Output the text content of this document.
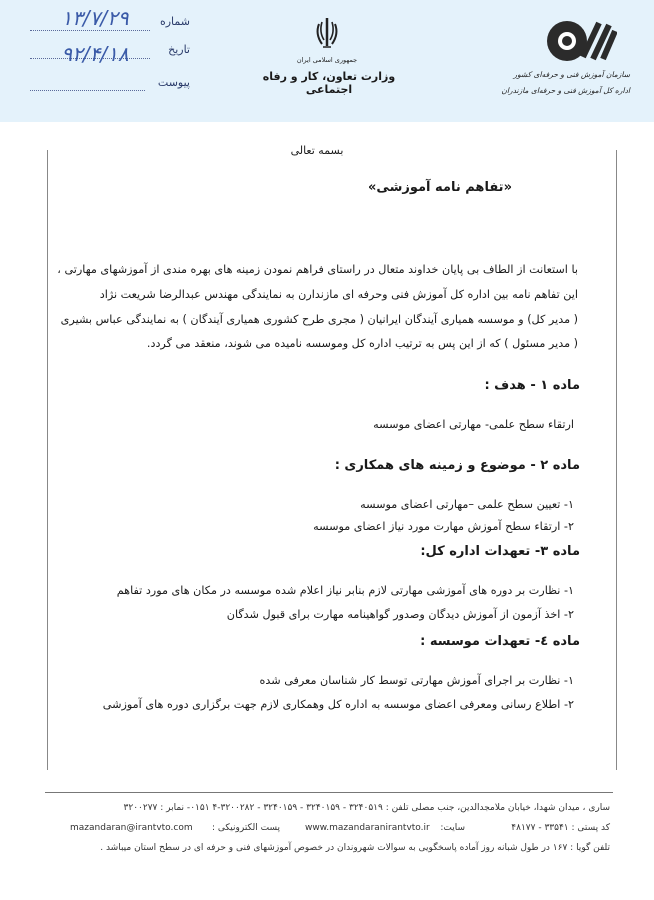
شماره
۱۳/۷/۲۹
تاریخ
۹۲/۴/۱۸
پیوست
جمهوری اسلامی ایران
وزارت تعاون، کار و رفاه اجتماعی
سازمان آموزش فنی و حرفه‌ای کشور
اداره کل آموزش فنی و حرفه‌ای مازندران
بسمه تعالی
«تفاهم نامه آموزشی»
با استعانت از الطاف بی پایان خداوند متعال در راستای فراهم نمودن زمینه های بهره مندی از آموزشهای مهارتی ،
این تفاهم نامه بین اداره کل آموزش فنی وحرفه ای مازندارن به نمایندگی مهندس عبدالرضا شریعت نژاد
( مدیر کل) و موسسه همیاری آیندگان ایرانیان ( مجری طرح کشوری همیاری آیندگان ) به نمایندگی عباس بشیری
( مدیر مسئول ) که از این پس به ترتیب اداره کل وموسسه نامیده می شوند، منعقد می گردد.
ماده ۱ - هدف :
ارتقاء سطح علمی- مهارتی اعضای موسسه
ماده ۲ - موضوع و زمینه های همکاری :
۱- تعیین سطح علمی –مهارتی اعضای موسسه
۲- ارتقاء سطح آموزش مهارت مورد نیاز اعضای موسسه
ماده ۳- تعهدات اداره کل:
۱- نظارت بر دوره های آموزشی مهارتی لازم بنابر نیاز اعلام شده موسسه در مکان های مورد تفاهم
۲- اخذ آزمون از آموزش دیدگان وصدور گواهینامه مهارت برای قبول شدگان
ماده ٤- تعهدات موسسه :
۱- نظارت بر اجرای آموزش مهارتی توسط کار شناسان معرفی شده
۲- اطلاع رسانی ومعرفی اعضای موسسه به اداره کل وهمکاری لازم جهت برگزاری دوره های آموزشی
ساری ، میدان شهدا، خیابان ملامجدالدین، جنب مصلی تلفن : ۳۲۴۰۵۱۹ - ۳۲۴۰۱۵۹ - ۳۲۴۰۱۵۹ - ۳۲۰۰۲۸۲-۴ ۰۱۵۱- نمابر : ۳۲۰۰۲۷۷
کد پستی : ۳۳۵۴۱ - ۴۸۱۷۷
سایت:
www.mazandaranirantvto.ir
پست الکترونیکی :
mazandaran@irantvto.com
تلفن گویا : ۱۶۷ در طول شبانه روز آماده پاسخگویی به سوالات شهروندان در خصوص آموزشهای فنی و حرفه ای در سطح استان میباشد .
